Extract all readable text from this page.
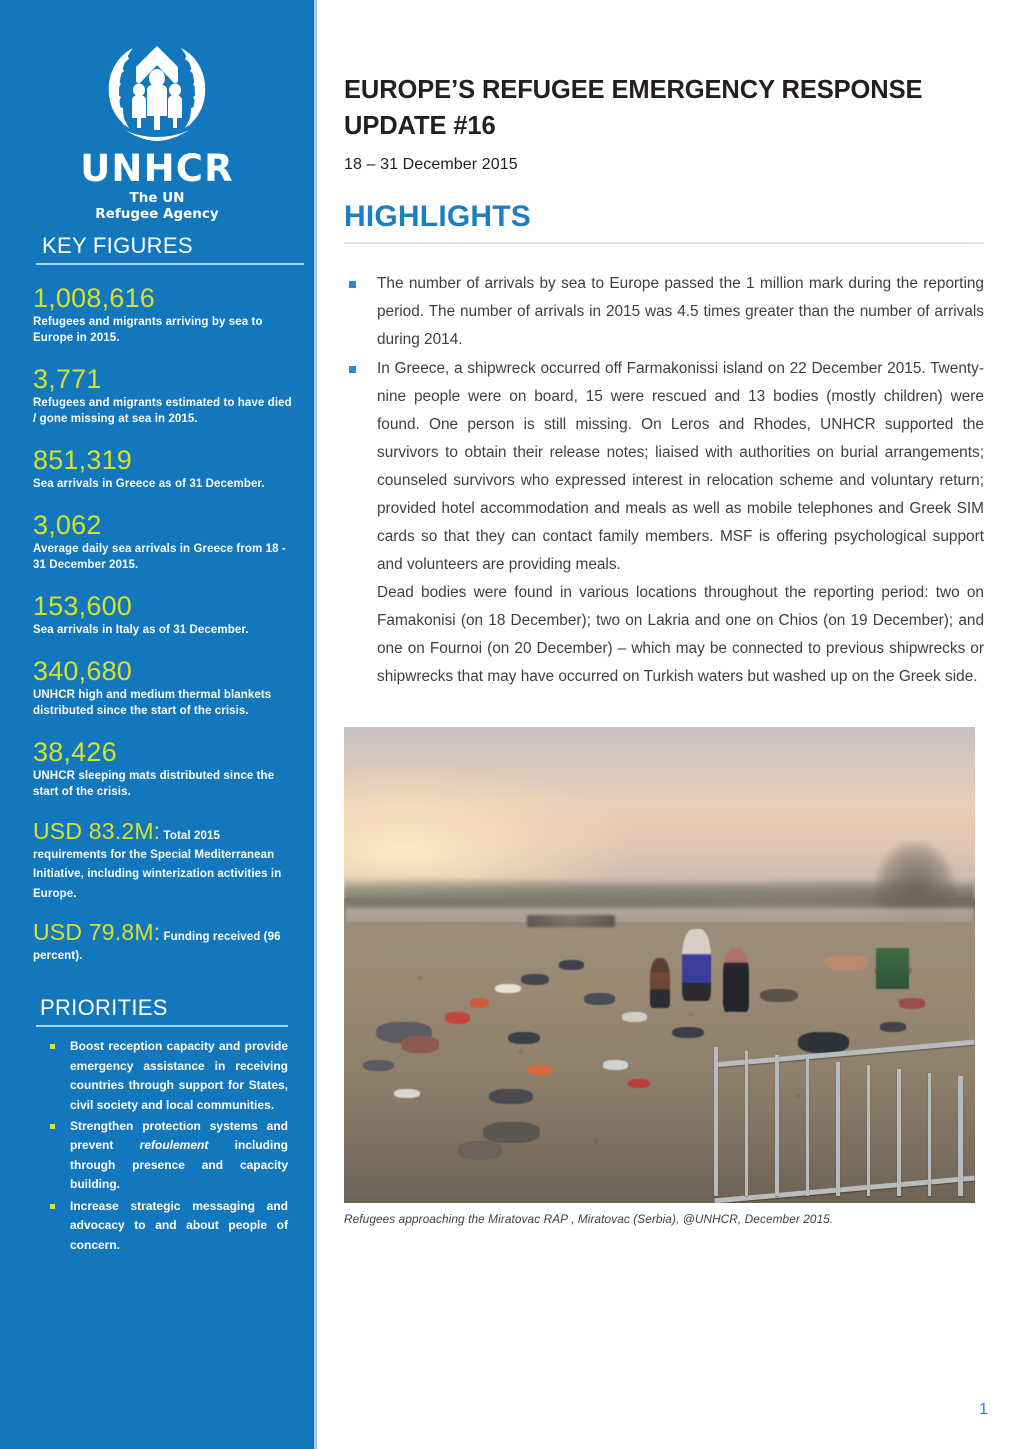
UNHCR
The UN
Refugee Agency
KEY FIGURES
1,008,616
Refugees and migrants arriving by sea to Europe in 2015.
3,771
Refugees and migrants estimated to have died / gone missing at sea in 2015.
851,319
Sea arrivals in Greece as of 31 December.
3,062
Average daily sea arrivals in Greece from 18 - 31 December 2015.
153,600
Sea arrivals in Italy as of 31 December.
340,680
UNHCR high and medium thermal blankets distributed since the start of the crisis.
38,426
UNHCR sleeping mats distributed since the start of the crisis.
USD 83.2M: Total 2015 requirements for the Special Mediterranean Initiative, including winterization activities in Europe.
USD 79.8M: Funding received (96 percent).
PRIORITIES
Boost reception capacity and provide emergency assistance in receiving countries through support for States, civil society and local communities.
Strengthen protection systems and prevent refoulement including through presence and capacity building.
Increase strategic messaging and advocacy to and about people of concern.
EUROPE’S REFUGEE EMERGENCY RESPONSE UPDATE #16
18 – 31 December 2015
HIGHLIGHTS
The number of arrivals by sea to Europe passed the 1 million mark during the reporting period. The number of arrivals in 2015 was 4.5 times greater than the number of arrivals during 2014.
In Greece, a shipwreck occurred off Farmakonissi island on 22 December 2015. Twenty-nine people were on board, 15 were rescued and 13 bodies (mostly children) were found. One person is still missing. On Leros and Rhodes, UNHCR supported the survivors to obtain their release notes; liaised with authorities on burial arrangements; counseled survivors who expressed interest in relocation scheme and voluntary return; provided hotel accommodation and meals as well as mobile telephones and Greek SIM cards so that they can contact family members. MSF is offering psychological support and volunteers are providing meals.
Dead bodies were found in various locations throughout the reporting period: two on Famakonisi (on 18 December); two on Lakria and one on Chios (on 19 December); and one on Fournoi (on 20 December) – which may be connected to previous shipwrecks or shipwrecks that may have occurred on Turkish waters but washed up on the Greek side.
Refugees approaching the Miratovac RAP , Miratovac (Serbia), @UNHCR, December 2015.
1
